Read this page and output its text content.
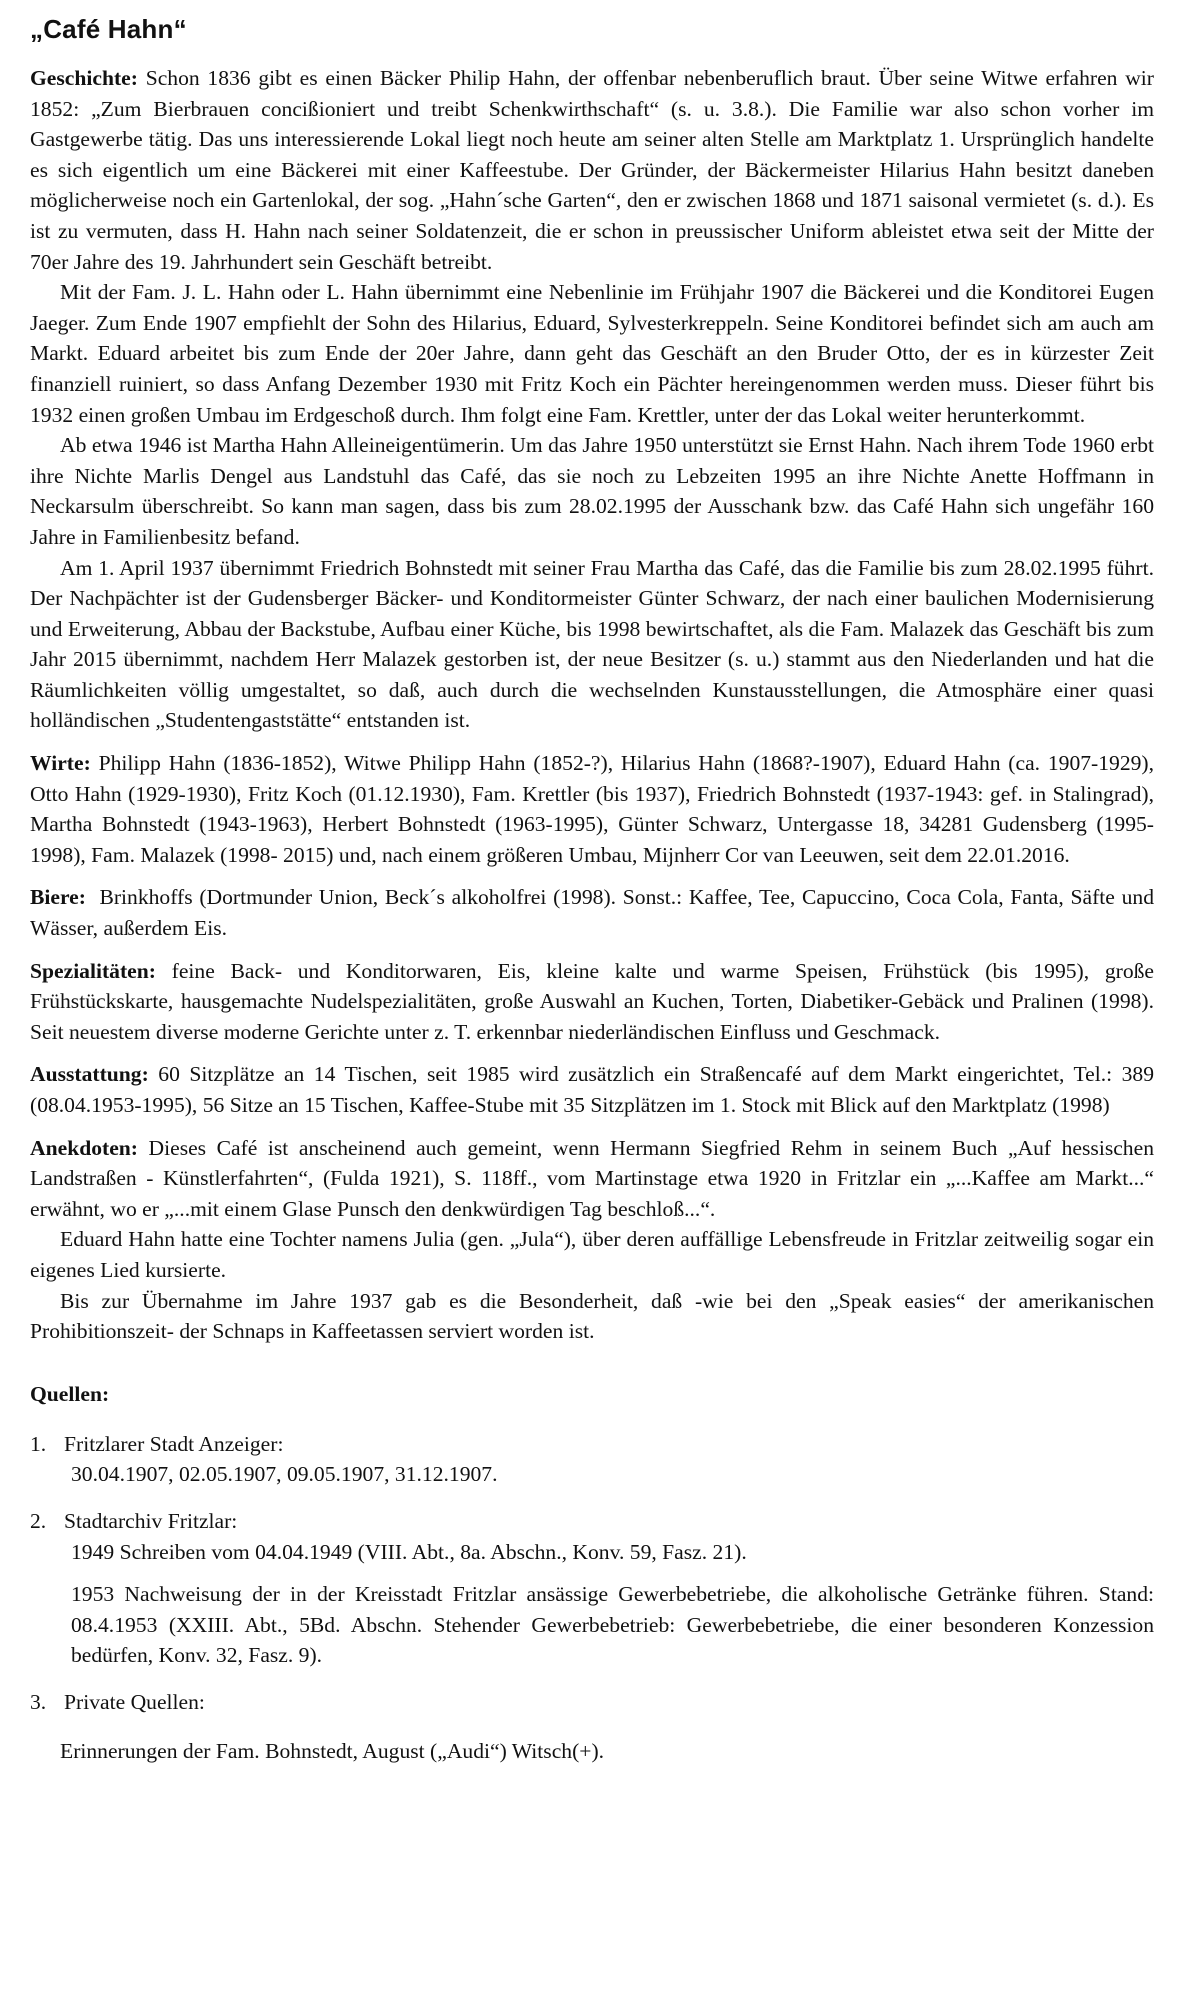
„Café Hahn“

Geschichte: Schon 1836 gibt es einen Bäcker Philip Hahn, der offenbar nebenberuflich braut. Über seine Witwe erfahren wir 1852: „Zum Bierbrauen concißioniert und treibt Schenkwirthschaft“ (s. u. 3.8.). Die Familie war also schon vorher im Gastgewerbe tätig. Das uns interessierende Lokal liegt noch heute am seiner alten Stelle am Marktplatz 1. Ursprünglich handelte es sich eigentlich um eine Bäckerei mit einer Kaffeestube. Der Gründer, der Bäckermeister Hilarius Hahn besitzt daneben möglicherweise noch ein Gartenlokal, der sog. „Hahn´sche Garten“, den er zwischen 1868 und 1871 saisonal vermietet (s. d.). Es ist zu vermuten, dass H. Hahn nach seiner Soldatenzeit, die er schon in preussischer Uniform ableistet etwa seit der Mitte der 70er Jahre des 19. Jahrhundert sein Geschäft betreibt.

Mit der Fam. J. L. Hahn oder L. Hahn übernimmt eine Nebenlinie im Frühjahr 1907 die Bäckerei und die Konditorei Eugen Jaeger. Zum Ende 1907 empfiehlt der Sohn des Hilarius, Eduard, Sylvesterkreppeln. Seine Konditorei befindet sich am auch am Markt. Eduard arbeitet bis zum Ende der 20er Jahre, dann geht das Geschäft an den Bruder Otto, der es in kürzester Zeit finanziell ruiniert, so dass Anfang Dezember 1930 mit Fritz Koch ein Pächter hereingenommen werden muss. Dieser führt bis 1932 einen großen Umbau im Erdgeschoß durch. Ihm folgt eine Fam. Krettler, unter der das Lokal weiter herunterkommt.

Ab etwa 1946 ist Martha Hahn Alleineigentümerin. Um das Jahre 1950 unterstützt sie Ernst Hahn. Nach ihrem Tode 1960 erbt ihre Nichte Marlis Dengel aus Landstuhl das Café, das sie noch zu Lebzeiten 1995 an ihre Nichte Anette Hoffmann in Neckarsulm überschreibt. So kann man sagen, dass bis zum 28.02.1995 der Ausschank bzw. das Café Hahn sich ungefähr 160 Jahre in Familienbesitz befand.

Am 1. April 1937 übernimmt Friedrich Bohnstedt mit seiner Frau Martha das Café, das die Familie bis zum 28.02.1995 führt. Der Nachpächter ist der Gudensberger Bäcker- und Konditormeister Günter Schwarz, der nach einer baulichen Modernisierung und Erweiterung, Abbau der Backstube, Aufbau einer Küche, bis 1998 bewirtschaftet, als die Fam. Malazek das Geschäft bis zum Jahr 2015 übernimmt, nachdem Herr Malazek gestorben ist, der neue Besitzer (s. u.) stammt aus den Niederlanden und hat die Räumlichkeiten völlig umgestaltet, so daß, auch durch die wechselnden Kunstausstellungen, die Atmosphäre einer quasi holländischen „Studentengaststätte“ entstanden ist.

Wirte: Philipp Hahn (1836-1852), Witwe Philipp Hahn (1852-?), Hilarius Hahn (1868?-1907), Eduard Hahn (ca. 1907-1929), Otto Hahn (1929-1930), Fritz Koch (01.12.1930), Fam. Krettler (bis 1937), Friedrich Bohnstedt (1937-1943: gef. in Stalingrad), Martha Bohnstedt (1943-1963), Herbert Bohnstedt (1963-1995), Günter Schwarz, Untergasse 18, 34281 Gudensberg (1995-1998), Fam. Malazek (1998- 2015) und, nach einem größeren Umbau, Mijnherr Cor van Leeuwen, seit dem 22.01.2016.

Biere: Brinkhoffs (Dortmunder Union, Beck´s alkoholfrei (1998). Sonst.: Kaffee, Tee, Capuccino, Coca Cola, Fanta, Säfte und Wässer, außerdem Eis.

Spezialitäten: feine Back- und Konditorwaren, Eis, kleine kalte und warme Speisen, Frühstück (bis 1995), große Frühstückskarte, hausgemachte Nudelspezialitäten, große Auswahl an Kuchen, Torten, Diabetiker-Gebäck und Pralinen (1998). Seit neuestem diverse moderne Gerichte unter z. T. erkennbar niederländischen Einfluss und Geschmack.

Ausstattung: 60 Sitzplätze an 14 Tischen, seit 1985 wird zusätzlich ein Straßencafé auf dem Markt eingerichtet, Tel.: 389 (08.04.1953-1995), 56 Sitze an 15 Tischen, Kaffee-Stube mit 35 Sitzplätzen im 1. Stock mit Blick auf den Marktplatz (1998)

Anekdoten: Dieses Café ist anscheinend auch gemeint, wenn Hermann Siegfried Rehm in seinem Buch „Auf hessischen Landstraßen - Künstlerfahrten“, (Fulda 1921), S. 118ff., vom Martinstage etwa 1920 in Fritzlar ein „...Kaffee am Markt...“ erwähnt, wo er „...mit einem Glase Punsch den denkwürdigen Tag beschloß...“.

Eduard Hahn hatte eine Tochter namens Julia (gen. „Jula“), über deren auffällige Lebensfreude in Fritzlar zeitweilig sogar ein eigenes Lied kursierte.

Bis zur Übernahme im Jahre 1937 gab es die Besonderheit, daß -wie bei den „Speak easies“ der amerikanischen Prohibitionszeit- der Schnaps in Kaffeetassen serviert worden ist.

Quellen:
1. Fritzlarer Stadt Anzeiger:
30.04.1907, 02.05.1907, 09.05.1907, 31.12.1907.
2. Stadtarchiv Fritzlar:
1949 Schreiben vom 04.04.1949 (VIII. Abt., 8a. Abschn., Konv. 59, Fasz. 21).
1953 Nachweisung der in der Kreisstadt Fritzlar ansässige Gewerbebetriebe, die alkoholische Getränke führen. Stand: 08.4.1953 (XXIII. Abt., 5Bd. Abschn. Stehender Gewerbebetrieb: Gewerbebetriebe, die einer besonderen Konzession bedürfen, Konv. 32, Fasz. 9).
3. Private Quellen:
Erinnerungen der Fam. Bohnstedt, August („Audi“) Witsch(+).
